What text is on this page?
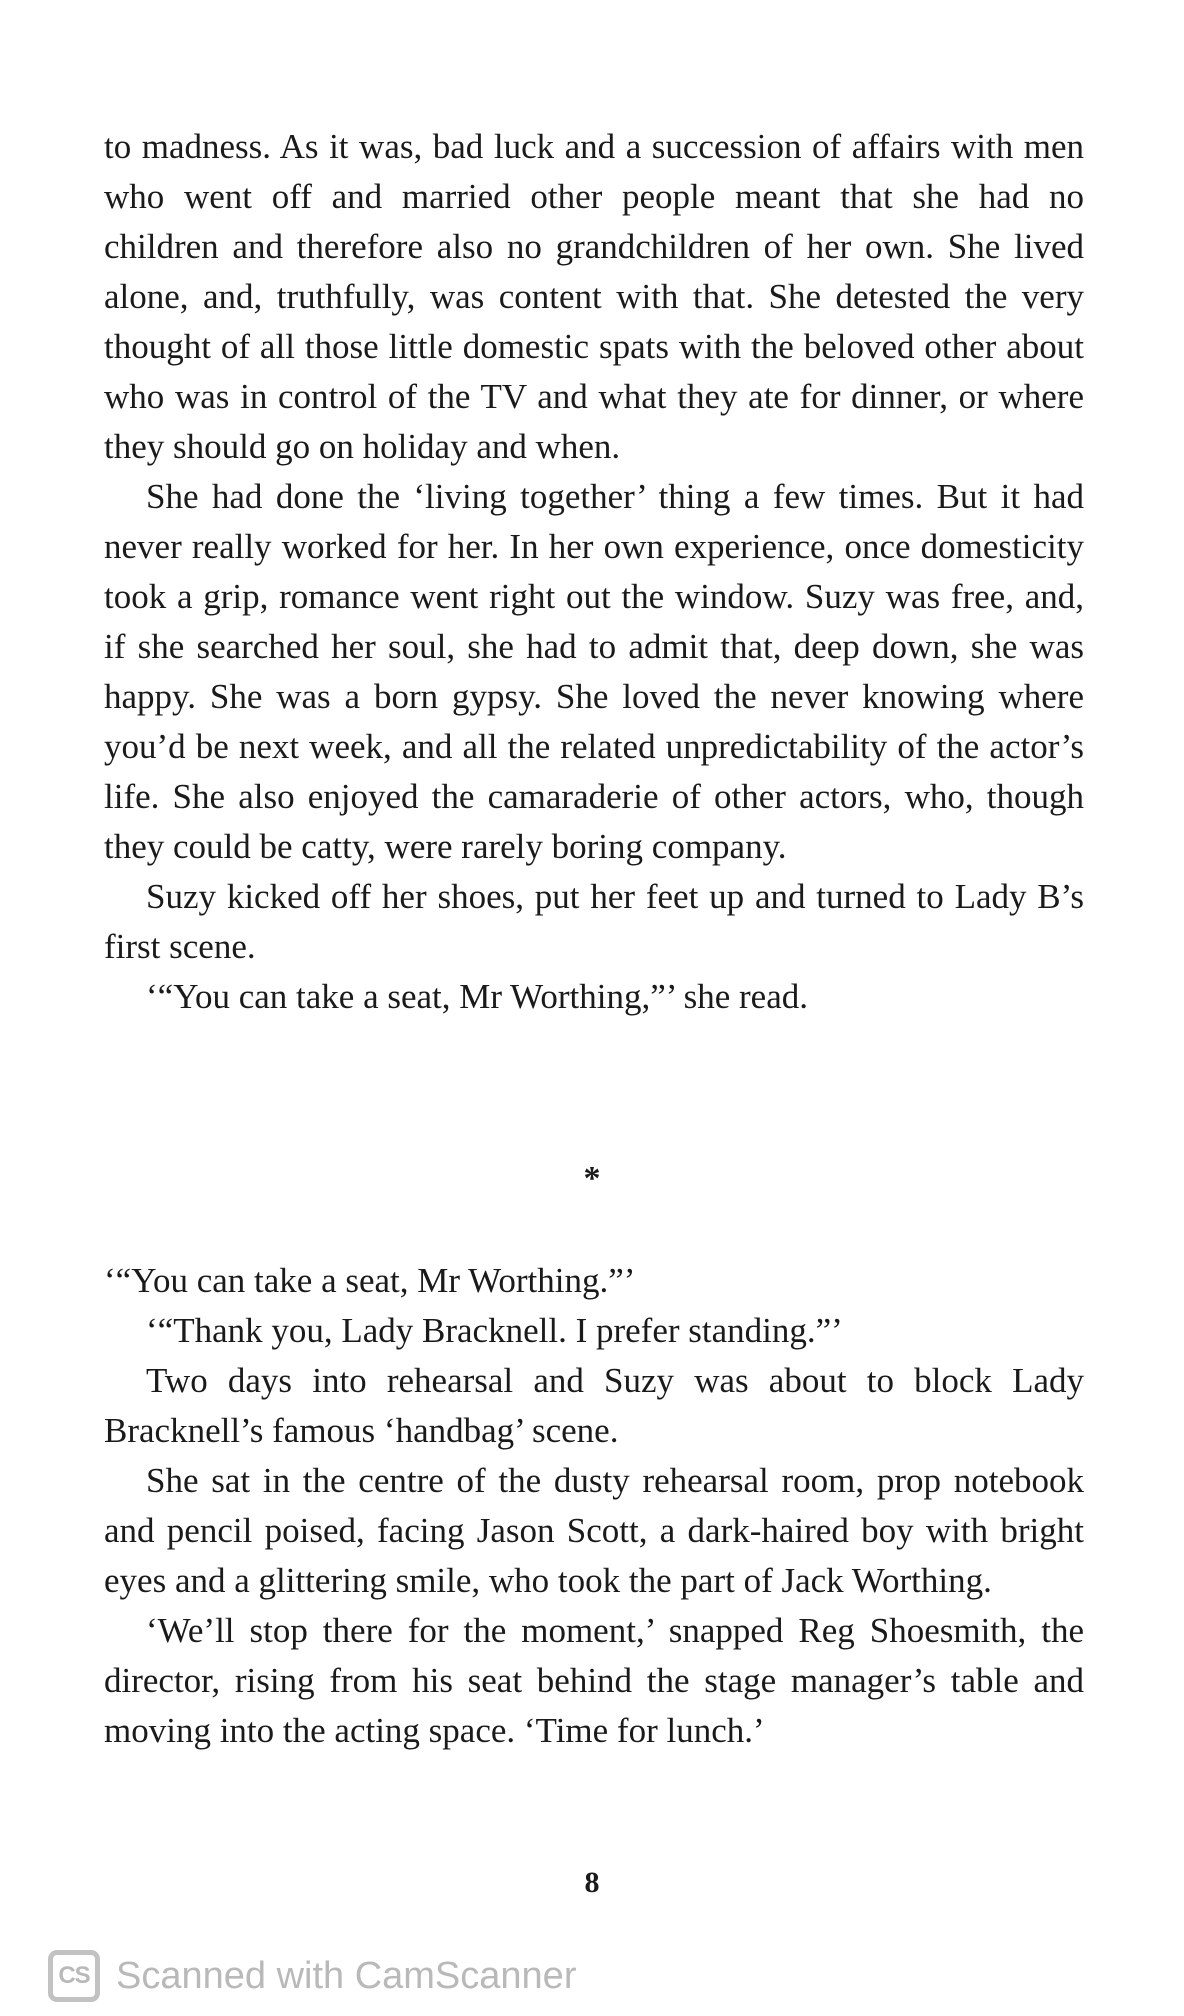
to madness. As it was, bad luck and a succession of affairs with men who went off and married other people meant that she had no children and therefore also no grandchildren of her own. She lived alone, and, truthfully, was content with that. She detested the very thought of all those little domestic spats with the beloved other about who was in control of the TV and what they ate for dinner, or where they should go on holiday and when.

She had done the ‘living together’ thing a few times. But it had never really worked for her. In her own experience, once domesticity took a grip, romance went right out the window. Suzy was free, and, if she searched her soul, she had to admit that, deep down, she was happy. She was a born gypsy. She loved the never knowing where you’d be next week, and all the related unpredictability of the actor’s life. She also enjoyed the camaraderie of other actors, who, though they could be catty, were rarely boring company.

Suzy kicked off her shoes, put her feet up and turned to Lady B’s first scene.

‘“You can take a seat, Mr Worthing,”’ she read.

*

‘“You can take a seat, Mr Worthing.”’

‘“Thank you, Lady Bracknell. I prefer standing.”’

Two days into rehearsal and Suzy was about to block Lady Bracknell’s famous ‘handbag’ scene.

She sat in the centre of the dusty rehearsal room, prop notebook and pencil poised, facing Jason Scott, a dark-haired boy with bright eyes and a glittering smile, who took the part of Jack Worthing.

‘We’ll stop there for the moment,’ snapped Reg Shoesmith, the director, rising from his seat behind the stage manager’s table and moving into the acting space. ‘Time for lunch.’

8
CS Scanned with CamScanner
